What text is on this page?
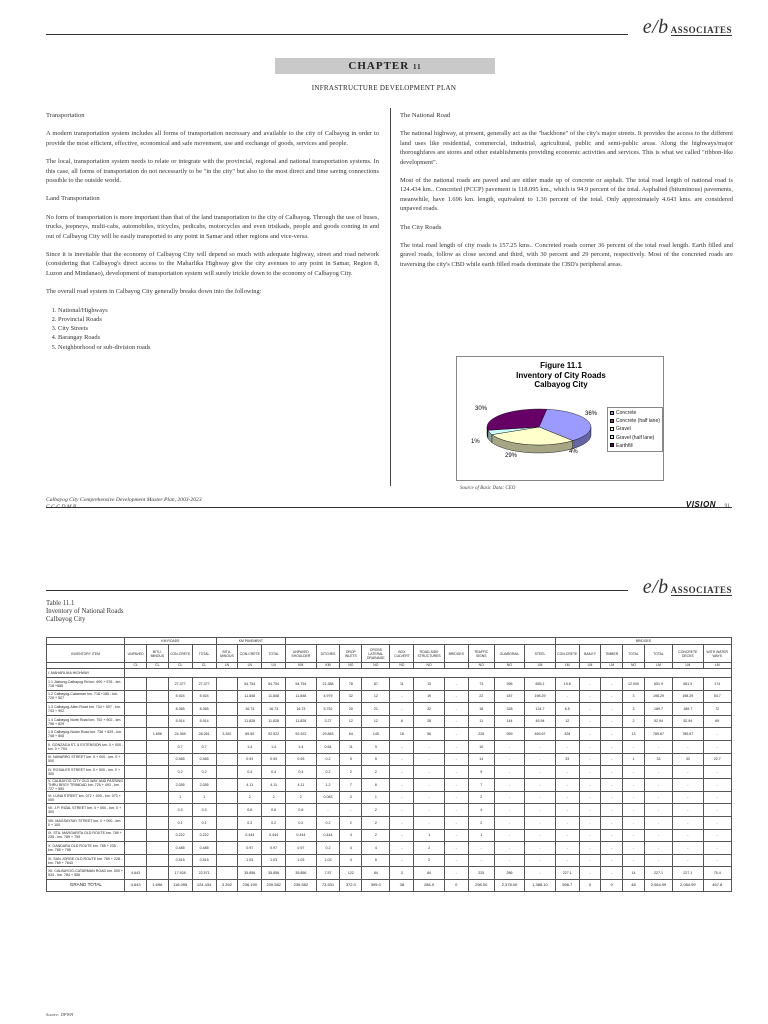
e/b ASSOCIATES
CHAPTER 11
INFRASTRUCTURE DEVELOPMENT PLAN
Transportation

A modern transportation system includes all forms of transportation necessary and available to the city of Calbayog in order to provide the most efficient, effective, economical and safe movement, use and exchange of goods, services and people.

The local, transportation system needs to relate or integrate with the provincial, regional and national transportation systems. In this case, all forms of transportation do not necessarily to be "in the city" but also to the most direct and time saving connections possible to the outside world.

Land Transportation

No form of transportation is more important than that of the land transportation to the city of Calbayog. Through the use of buses, trucks, jeepneys, multi-cabs, automobiles, tricycles, pedicabs, motorcycles and even trisikads, people and goods coming in and out of Calbayog City will be easily transported to any point in Samar and other regions and vice-versa.

Since it is inevitable that the economy of Calbayog City will depend so much with adequate highway, street and road network (considering that Calbayog's direct access to the Maharlika Highway give the city avenues to any point in Samar, Region 8, Luzon and Mindanao), development of transportation system will surely trickle down to the economy of Calbayog City.

The overall road system in Calbayog City generally breaks down into the following:

1. National/Highways
2. Provincial Roads
3. City Streets
4. Barangay Roads
5. Neighborhood or sub-division roads
The National Road

The national highway, at present, generally act as the "backbone" of the city's major streets. It provides the access to the different land uses like residential, commercial, industrial, agricultural, public and semi-public areas. Along the highways/major thoroughfares are stores and other establishments providing economic activities and services. This is what we called "ribbon-like development".

Most of the national roads are paved and are either made up of concrete or asphalt. The total road length of national road is 124.434 km.. Concreted (PCCP) pavement is 118.095 km., which is 94.9 percent of the total. Asphalted (bituminous) pavements, meanwhile, have 1.696 km. length, equivalent to 1.36 percent of the total. Only approximately 4.643 kms. are considered unpaved roads.

The City Roads

The total road length of city roads is 157.25 kms.. Concreted roads corner 36 percent of the total road length. Earth filled and gravel roads, follow as close second and third, with 30 percent and 29 percent, respectively. Most of the concreted roads are traversing the city's CBD while earth filled roads dominate the CBD's peripheral areas.

Figure 11.1
Inventory of City Roads
Calbayog City
Concrete
Concrete (half lane)
Gravel
Gravel (half lane)
Earthfill
30%
36%
1%
29%
4%
Source of Basic Data: CEO
Calbayog City Comprehensive Development Master Plan, 2003-2023	VISION 91
e/b ASSOCIATES
Table 11.1
Inventory of National Roads
Calbayog City
	KM ROADS				KM PAVEMENT													BRIDGES						
INVENTORY ITEM	UNPAVED	BITU-MINOUS	CON-CRETE	TOTAL	BITU-MINOUS	CON-CRETE	TOTAL	UNPAVED SHOULDER	DITCHES	DROP INLETS	CROSS LATERAL DRAINAGE	BOX CULVERT	ROAD-SIDE STRUCTURES	BRIDGES	TRAFFIC SIGNS	GUARDRAIL	STEEL	CON-CRETE	BAILEY	TIMBER	TOTAL	TOTAL	CONCRETE DECKS	WITH WATER WAYS
	CL	CL	CL	CL	LN	LN	LN	KM	KM	NO	NO	NO	NO		NO	NO	LM	LM	LM	LM	NO	LM	LM	LM
I. MAHARLIKA HIGHWAY																								
1.1 Jiabong-Calbayog Rd km. 690 + 576 - km. 718 +585			27.377	27.377		54.754	54.754	54.754	21.388	78	87	11	13	-	73	396	655.1	19.6	-	-	12.000	651.9	651.9	174
1.2 Calbayog-Catarman km. 718 +185 - km. 726 + 507			5.924	5.924		11.848	11.848	11.848	4.979	32	12	-	19	-	22	187	198.29	-	-	-	3	198.29	198.29	54.7
1.3 Calbayog-Allen Road km. 734 + 507 - km. 743 + 902			8.365	8.365		16.73	16.73	16.73	5.752	20	21	-	32	-	18	328	124.7	6.5	-	-	3	189.7	189.7	72
1.4 Calbayog North Road km. 752 + 902 - km. 758 + 829			5.914	5.914		11.828	11.828	11.828	3.27	12	12	6	28	-	11	144	45.94	12	-	-	2	52.94	52.94	69
1.5 Calbayog-Nolan Road km. 738 + 829 - km. 748 + 808		1.696	24.365	28.261	3.392	89.59	92.922	92.922	29.863	64	145	18	56	-	226	959	469.67	328	-	-	13	789.67	789.67	-
II. GONZAGA ST. & EXTENSION km. 0 + 000 - km. 0 + 794			0.7	0.7		1.4	1.4	1.4	0.64	11	9	-	-	-	10	-	-	-	-	-	-	-	-	-
III. NAVARRO STREET km. 0 + 000 - km. 0 + 500			0.465	0.465		0.93	0.93	0.93	0.2	5	5	-	-	-	14	-	-	33	-	-	1	33	33	22.7
IV. ROSALES STREET km. 0 + 000 - km. 0 + 300			0.2	0.2		0.4	0.4	0.4	0.2	2	2	-	-	-	9	-	-	-	-	-	-	-	-	-
V. CALBAYOG CITY OLD WAY AND PASSING THRU BRGY TRINIDAD km. 725 + 493 - km. 727 + 550			2.055	2.055		4.11	4.11	4.11	1.2	7	6	-	-	-	7	-	-	-	-	-	-	-	-	-
VI. LUNA STREET km. 072 + 000 - km. 073 + 000			1	1		2	2	2	0.083	3	1	-	-	-	2	-	-	-	-	-	-	-	-	-
VII. J.P. RIZAL STREET km. 0 + 000 - km. 0 + 300			0.3	0.3		0.6	0.6	0.6	-	-	2	-	-	-	4	-	-	-	-	-	-	-	-	-
VIII. MAGSAYSAY STREET km. 0 + 000 - km. 0 + 100			0.1	0.1		0.2	0.2	0.2	0.2	2	2	-	-	-	2	-	-	-	-	-	-	-	-	-
IX. STA. MARGARITA OLD ROUTE km. 789 + 235 - km. 789 + 755			0.222	0.222		0.444	0.444	0.444	0.444	4	2	-	1	-	1	-	-	-	-	-	-	-	-	-
X. GANDARA OLD ROUTE km. 785 + 235 - km. 785 + 785			0.485	0.485		0.97	0.97	0.97	0.2	4	4	-	2	-	-	-	-	-	-	-	-	-	-	-
XI. SAN JORGE OLD ROUTE km. 769 + 228 - km. 769 + 7643			0.515	0.515		1.03	1.03	1.03	1.03	4	5	-	2	-	-	-	-	-	-	-	-	-	-	-
XII. CALBAYOG-CATARMAN ROAD km. 000 + 534 - km. 784 + 556	4.643		17.928	22.571		35.856	35.856	35.856	7.57	122	84	3	84	-	225	286	-	227.1	-	-	14	227.1	227.1	75.4
GRAND TOTAL	4.643	1.696	118.095	124.434	3.392	236.190	239.582	239.582	73.531	372.0	395.0	38	286.0	0	298.00	2,378.00	1,388.10	598.7	0	0	48	2,064.99	2,064.99	467.8
Source: DPWH
